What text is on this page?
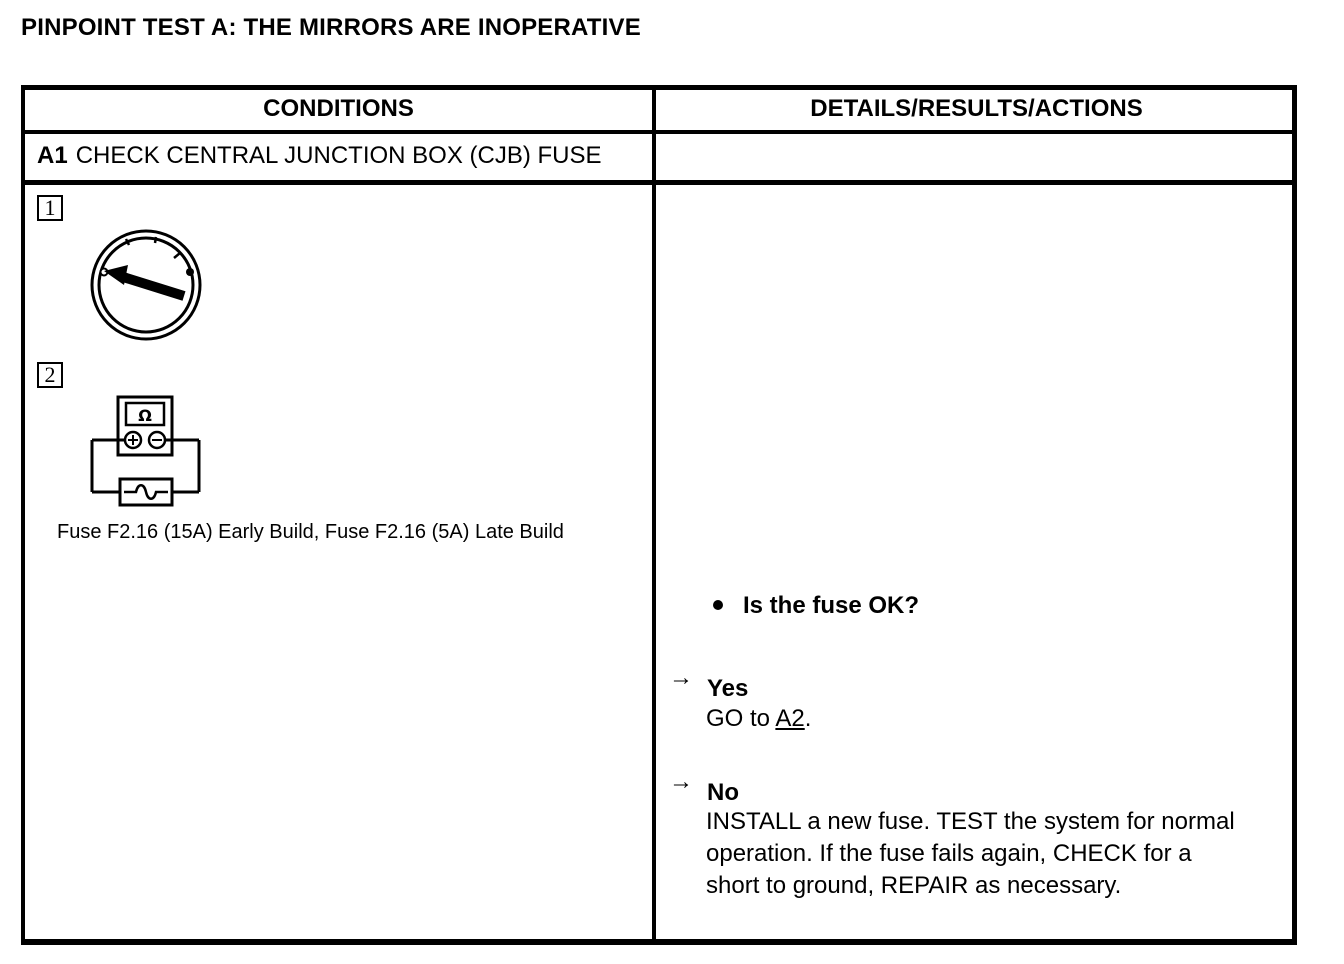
PINPOINT TEST A: THE MIRRORS ARE INOPERATIVE
CONDITIONS	DETAILS/RESULTS/ACTIONS
A1 CHECK CENTRAL JUNCTION BOX (CJB) FUSE
1
2
Ω
Fuse F2.16 (15A) Early Build, Fuse F2.16 (5A) Late Build
Is the fuse OK?
→ Yes
GO to A2.
→ No
INSTALL a new fuse. TEST the system for normal operation. If the fuse fails again, CHECK for a short to ground, REPAIR as necessary.
